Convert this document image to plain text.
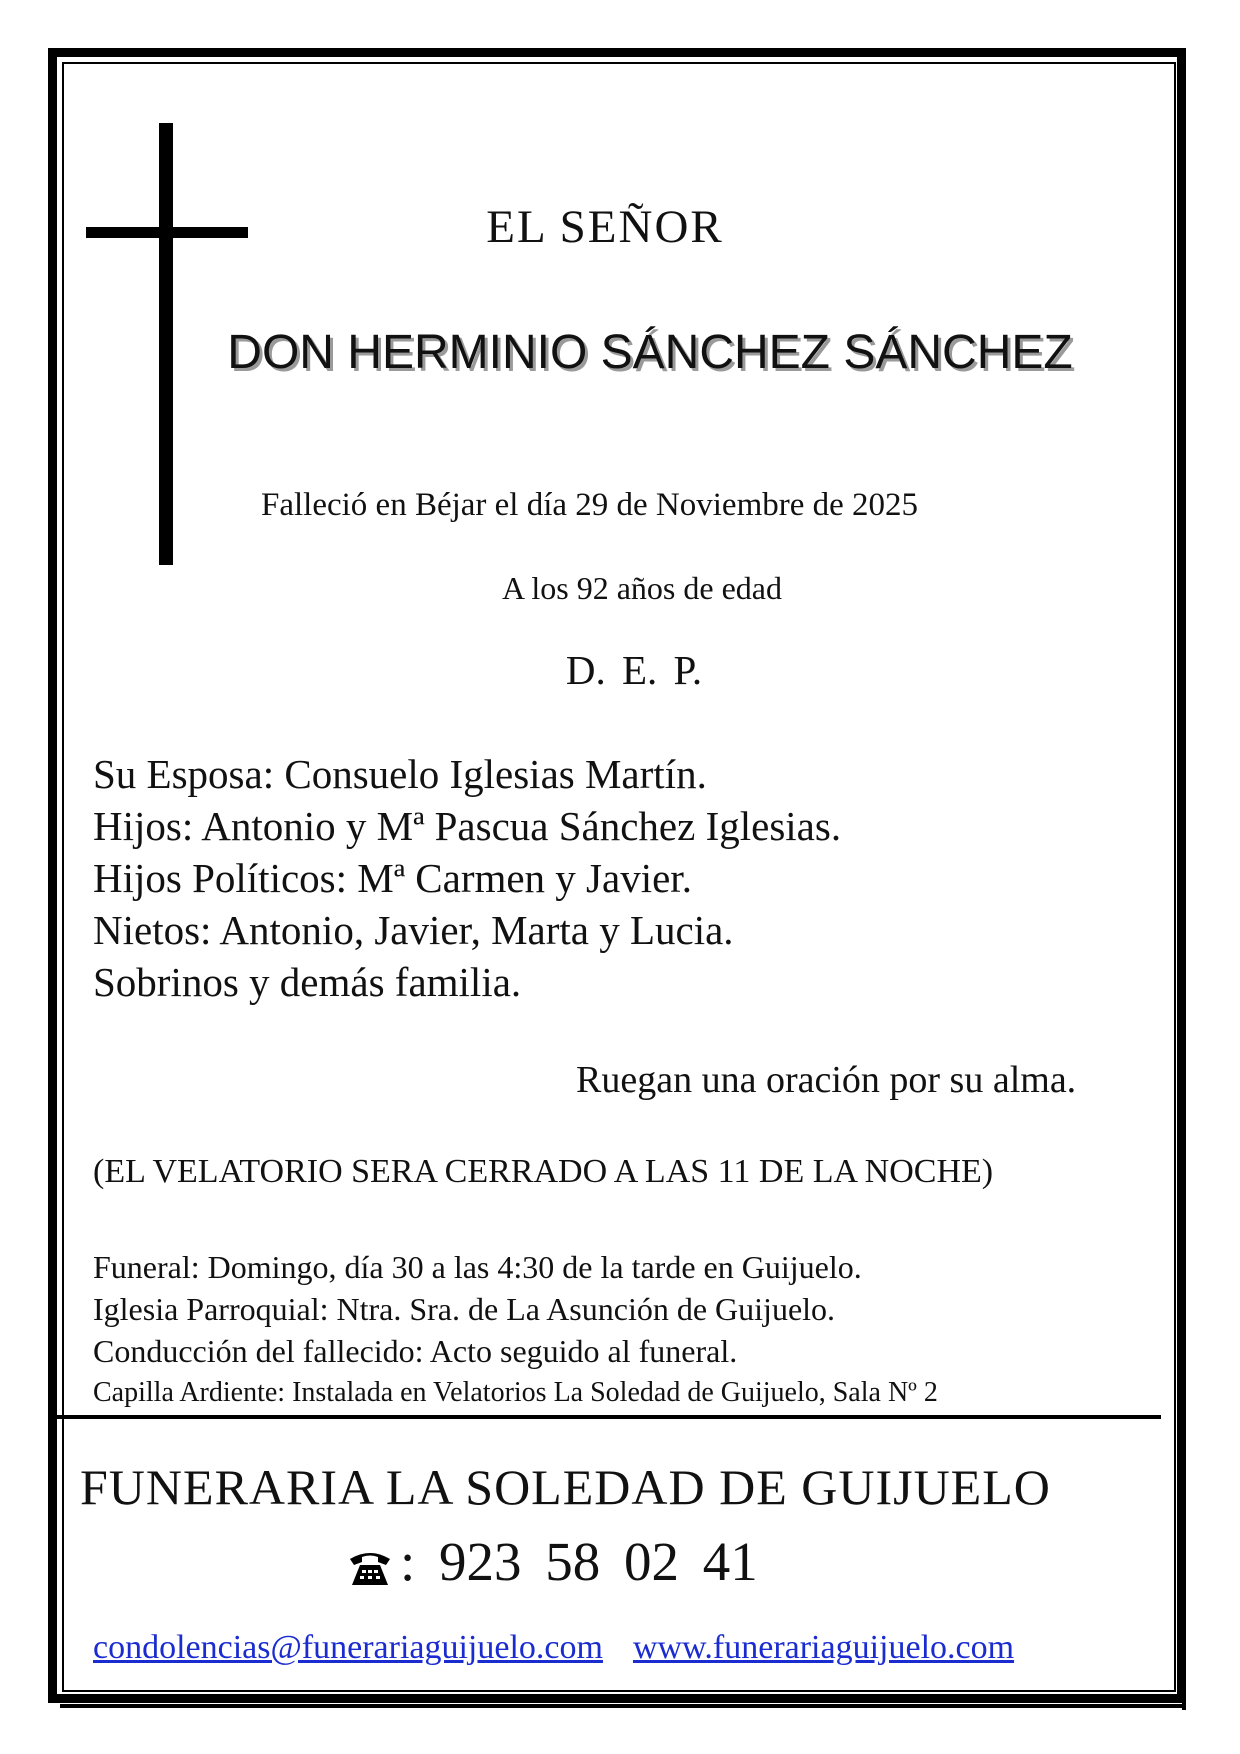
EL SEÑOR
DON HERMINIO SÁNCHEZ SÁNCHEZ
Falleció en Béjar el día 29 de Noviembre de 2025
A los 92 años de edad
D. E. P.
Su Esposa: Consuelo Iglesias Martín.
Hijos: Antonio y Mª Pascua Sánchez Iglesias.
Hijos Políticos: Mª Carmen y Javier.
Nietos: Antonio, Javier, Marta y Lucia.
Sobrinos y demás familia.
Ruegan una oración por su alma.
(EL VELATORIO SERA CERRADO A LAS 11 DE LA NOCHE)
Funeral: Domingo, día 30 a las 4:30 de la tarde en Guijuelo.
Iglesia Parroquial: Ntra. Sra. de La Asunción de Guijuelo.
Conducción del fallecido: Acto seguido al funeral.
Capilla Ardiente: Instalada en Velatorios La Soledad de Guijuelo, Sala Nº 2
FUNERARIA LA SOLEDAD DE GUIJUELO
: 923 58 02 41
condolencias@funerariaguijuelo.com www.funerariaguijuelo.com
